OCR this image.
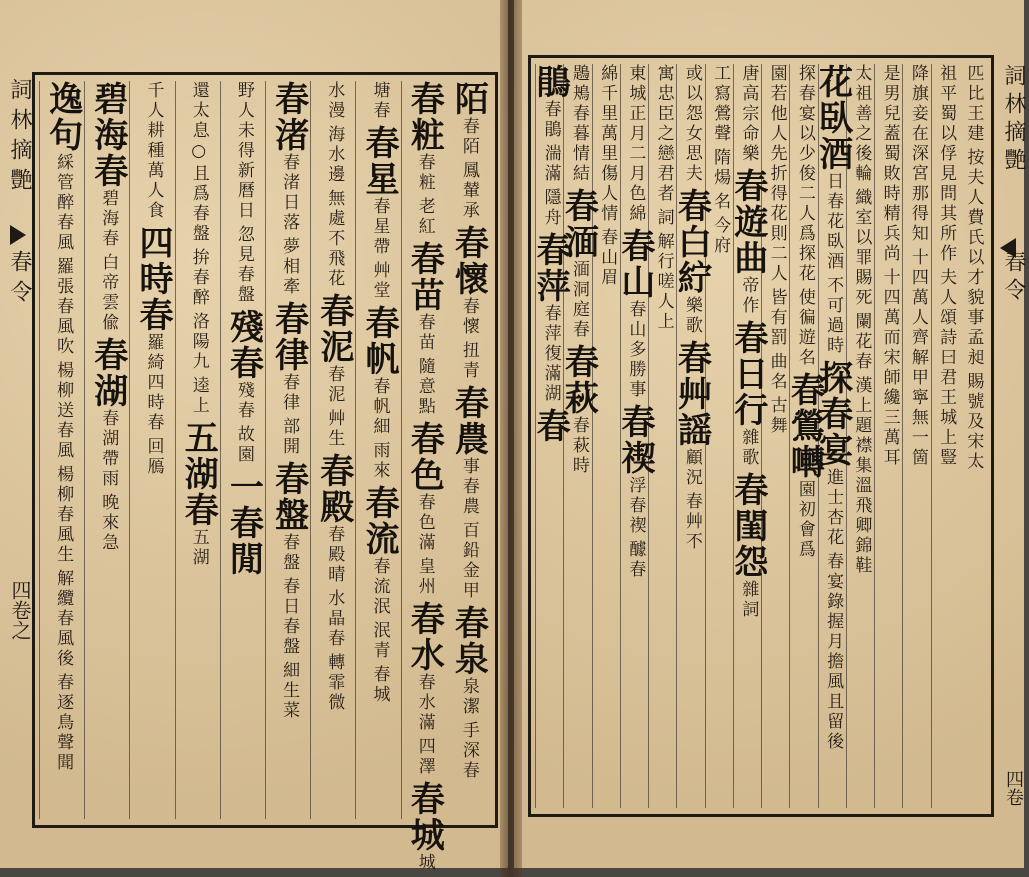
詞林摘艷
春令
四卷之
詞林摘艷
春令
四卷
陌
春陌
鳳輦承
春懷
春懷
扭青
春農
事春農
百鉛金甲
春泉
泉潔
手深春
春粧
春粧
老紅
春苗
春苗
隨意點
春色
春色滿
皇州
春水
春水滿
四澤
春城
城
塘春
春星
春星帶
艸堂
春帆
春帆細
雨來
春流
春流泯
泯青
春城
水漫
海水邊
無處不飛花
春泥
春泥
艸生
春殿
春殿晴
水晶春
轉霏微
春渚
春渚日落
夢相牽
春律
春律
部開
春盤
春盤
春日春盤
細生菜
野人未得新曆日
忽見春盤
殘春
殘春
故園
一春閒
還太息○且爲春盤
拚春醉
洛陽九
逵上
五湖春
五湖
千人耕種萬人食
四時春
羅綺四時春
回鴈
碧海春
碧海春
白帝雲偸
春湖
春湖帶雨
晚來急
逸句
綵管醉春風
羅張春風吹
楊柳送春風
楊柳春風生
解纜春風後
春逐鳥聲聞
匹比王建
按夫人費氏以才貌事孟昶
賜號及宋太
祖平蜀以俘見問其所作
夫人頌詩曰君王城上豎
降旗妾在深宮那得知
十四萬人齊解甲寧無一箇
是男兒蓋蜀敗時精兵尚
十四萬而宋師纔三萬耳
太祖善之後輪
織室以罪賜死
闌花春
漢上題襟集溫飛卿錦鞋
花臥酒
日春花臥酒
不可過時
探春宴
進士杏花
春宴錄握月擔風且留後
探春宴以少俊二人爲探花
使徧遊名
春鶯囀
園初會爲
園若他人先折得花則二人
皆有罰
曲名
古舞
唐高宗命樂
春遊曲
帝作
春日行
雜歌
春閨怨
雜詞
工寫鶯聲
隋煬
名
今府
或以怨女思夫
春白紵
樂歌
春艸謡
顧況
春艸不
寓忠臣之戀君者
詞
解行嗟人上
東城正月二月色綿
春山
春山多勝事
春禊
浮春禊
醵春
綿千里萬里傷人情
春山眉
鶗鴂春暮情結
春湎
湎洞庭春
春萩
春萩時
鵑
春鵑
湍滿
隱舟
春萍
春萍復滿湖
春
